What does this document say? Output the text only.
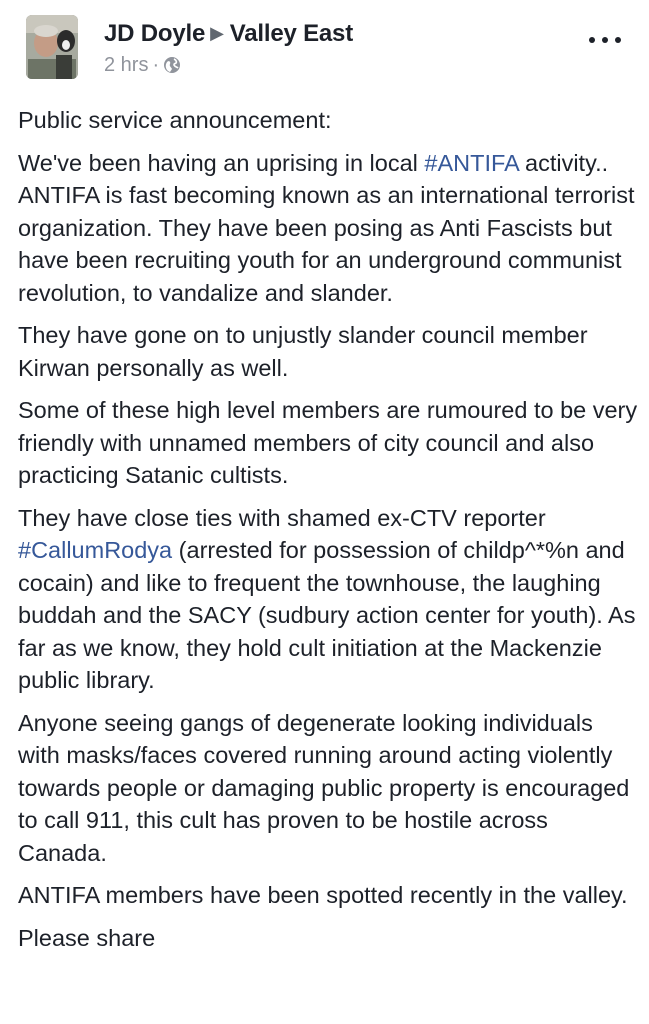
JD Doyle ▶ Valley East
2 hrs ·

Public service announcement:

We've been having an uprising in local #ANTIFA activity.. ANTIFA is fast becoming known as an international terrorist organization. They have been posing as Anti Fascists but have been recruiting youth for an underground communist revolution, to vandalize and slander.

They have gone on to unjustly slander council member Kirwan personally as well.

Some of these high level members are rumoured to be very friendly with unnamed members of city council and also practicing Satanic cultists.

They have close ties with shamed ex-CTV reporter #CallumRodya (arrested for possession of childp^*%n and cocain) and like to frequent the townhouse, the laughing buddah and the SACY (sudbury action center for youth). As far as we know, they hold cult initiation at the Mackenzie public library.

Anyone seeing gangs of degenerate looking individuals with masks/faces covered running around acting violently towards people or damaging public property is encouraged to call 911, this cult has proven to be hostile across Canada.

ANTIFA members have been spotted recently in the valley.

Please share
